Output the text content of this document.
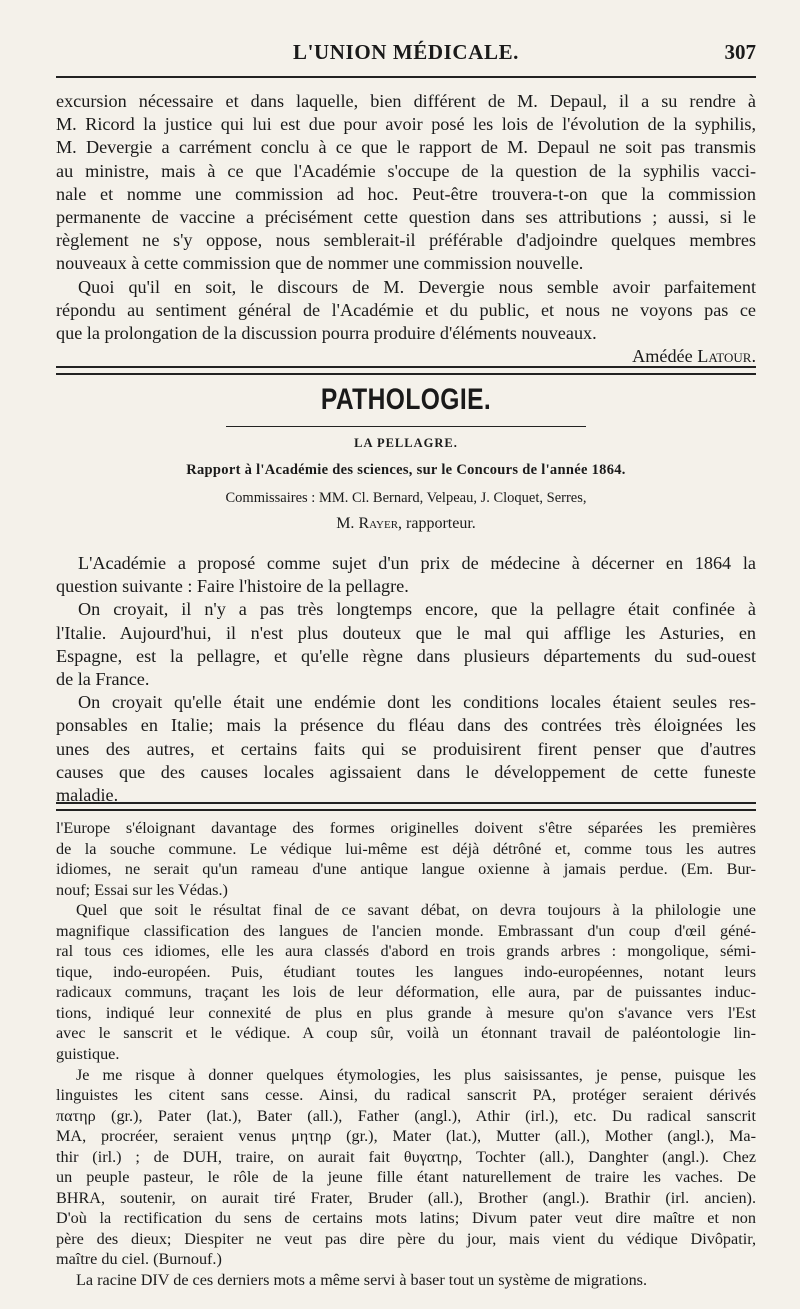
L'UNION MÉDICALE.	307
excursion nécessaire et dans laquelle, bien différent de M. Depaul, il a su rendre à
M. Ricord la justice qui lui est due pour avoir posé les lois de l'évolution de la syphilis,
M. Devergie a carrément conclu à ce que le rapport de M. Depaul ne soit pas transmis
au ministre, mais à ce que l'Académie s'occupe de la question de la syphilis vacci-
nale et nomme une commission ad hoc. Peut-être trouvera-t-on que la commission
permanente de vaccine a précisément cette question dans ses attributions ; aussi, si le
règlement ne s'y oppose, nous semblerait-il préférable d'adjoindre quelques membres
nouveaux à cette commission que de nommer une commission nouvelle.
Quoi qu'il en soit, le discours de M. Devergie nous semble avoir parfaitement
répondu au sentiment général de l'Académie et du public, et nous ne voyons pas ce
que la prolongation de la discussion pourra produire d'éléments nouveaux.
Amédée Latour.
PATHOLOGIE.
LA PELLAGRE.
Rapport à l'Académie des sciences, sur le Concours de l'année 1864.
Commissaires : MM. Cl. Bernard, Velpeau, J. Cloquet, Serres,
M. Rayer, rapporteur.
L'Académie a proposé comme sujet d'un prix de médecine à décerner en 1864 la
question suivante : Faire l'histoire de la pellagre.
On croyait, il n'y a pas très longtemps encore, que la pellagre était confinée à
l'Italie. Aujourd'hui, il n'est plus douteux que le mal qui afflige les Asturies, en
Espagne, est la pellagre, et qu'elle règne dans plusieurs départements du sud-ouest
de la France.
On croyait qu'elle était une endémie dont les conditions locales étaient seules res-
ponsables en Italie; mais la présence du fléau dans des contrées très éloignées les
unes des autres, et certains faits qui se produisirent firent penser que d'autres
causes que des causes locales agissaient dans le développement de cette funeste
maladie.
l'Europe s'éloignant davantage des formes originelles doivent s'être séparées les premières
de la souche commune. Le védique lui-même est déjà détrôné et, comme tous les autres
idiomes, ne serait qu'un rameau d'une antique langue oxienne à jamais perdue. (Em. Bur-
nouf; Essai sur les Védas.)
Quel que soit le résultat final de ce savant débat, on devra toujours à la philologie une
magnifique classification des langues de l'ancien monde. Embrassant d'un coup d'œil géné-
ral tous ces idiomes, elle les aura classés d'abord en trois grands arbres : mongolique, sémi-
tique, indo-européen. Puis, étudiant toutes les langues indo-européennes, notant leurs
radicaux communs, traçant les lois de leur déformation, elle aura, par de puissantes induc-
tions, indiqué leur connexité de plus en plus grande à mesure qu'on s'avance vers l'Est
avec le sanscrit et le védique. A coup sûr, voilà un étonnant travail de paléontologie lin-
guistique.
Je me risque à donner quelques étymologies, les plus saisissantes, je pense, puisque les
linguistes les citent sans cesse. Ainsi, du radical sanscrit PA, protéger seraient dérivés
πατηρ (gr.), Pater (lat.), Bater (all.), Father (angl.), Athir (irl.), etc. Du radical sanscrit
MA, procréer, seraient venus μητηρ (gr.), Mater (lat.), Mutter (all.), Mother (angl.), Ma-
thir (irl.) ; de DUH, traire, on aurait fait θυγατηρ, Tochter (all.), Danghter (angl.). Chez
un peuple pasteur, le rôle de la jeune fille étant naturellement de traire les vaches. De
BHRA, soutenir, on aurait tiré Frater, Bruder (all.), Brother (angl.). Brathir (irl. ancien).
D'où la rectification du sens de certains mots latins; Divum pater veut dire maître et non
père des dieux; Diespiter ne veut pas dire père du jour, mais vient du védique Divôpatir,
maître du ciel. (Burnouf.)
La racine DIV de ces derniers mots a même servi à baser tout un système de migrations.
